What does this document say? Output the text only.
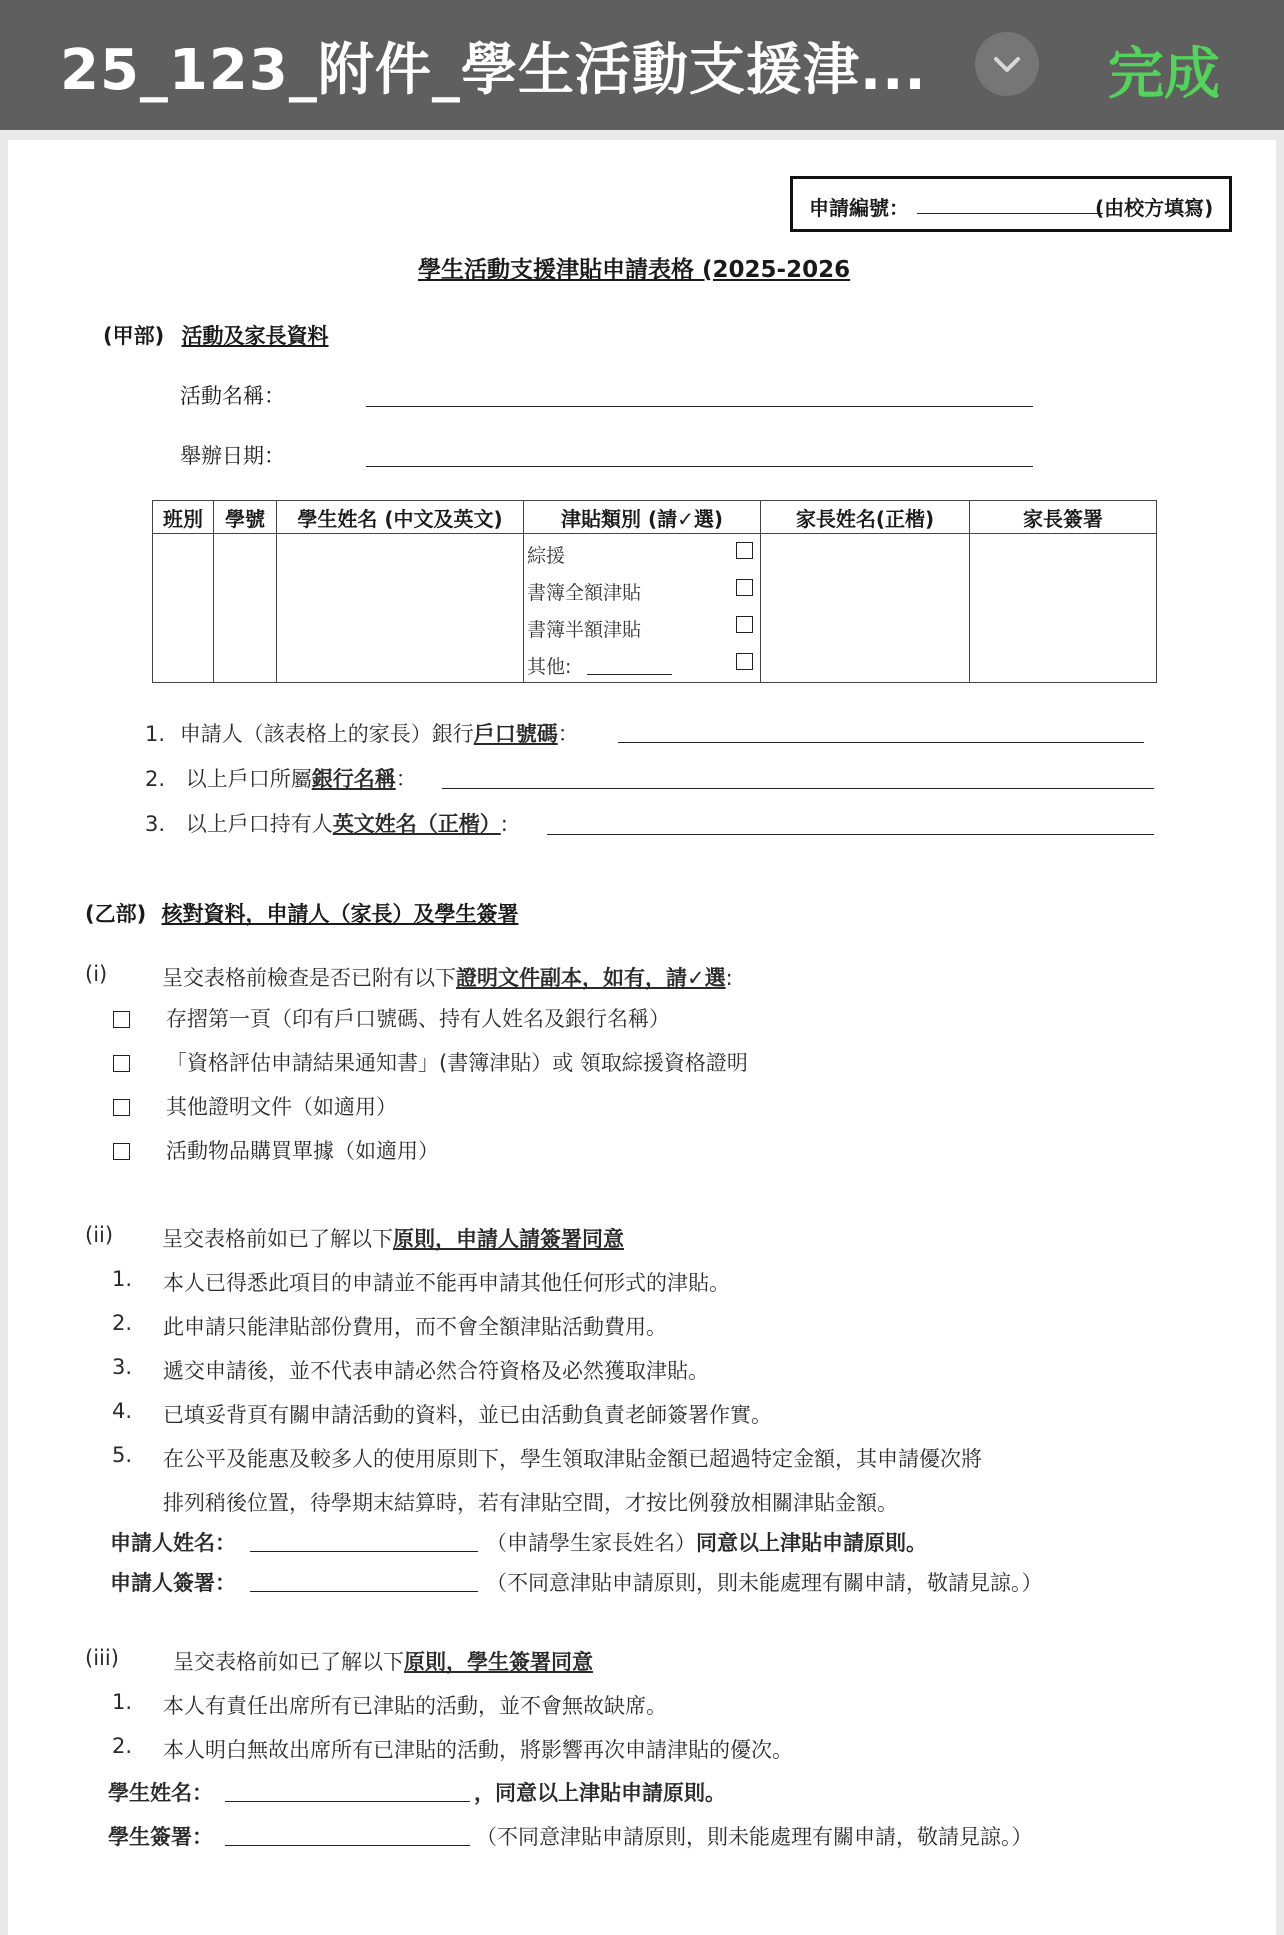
25_123_附件_學生活動支援津...	完成
申請編號：	(由校方填寫)
學生活動支援津貼申請表格 (2025-2026
(甲部) 活動及家長資料
活動名稱：
舉辦日期：
班別	學號	學生姓名 (中文及英文)	津貼類別 (請✓選)	家長姓名(正楷)	家長簽署

			綜援
書簿全額津貼
書簿半額津貼
其他:		

1. 申請人（該表格上的家長）銀行戶口號碼：
2. 以上戶口所屬銀行名稱：
3. 以上戶口持有人英文姓名（正楷）:
(乙部) 核對資料，申請人（家長）及學生簽署
(i)	呈交表格前檢查是否已附有以下證明文件副本，如有，請✓選:
存摺第一頁（印有戶口號碼、持有人姓名及銀行名稱）
「資格評估申請結果通知書」(書簿津貼）或 領取綜援資格證明
其他證明文件（如適用）
活動物品購買單據（如適用）
(ii) 呈交表格前如已了解以下原則，申請人請簽署同意
1. 本人已得悉此項目的申請並不能再申請其他任何形式的津貼。
2. 此申請只能津貼部份費用，而不會全額津貼活動費用。
3. 遞交申請後，並不代表申請必然合符資格及必然獲取津貼。
4. 已填妥背頁有關申請活動的資料，並已由活動負責老師簽署作實。
5. 在公平及能惠及較多人的使用原則下，學生領取津貼金額已超過特定金額，其申請優次將
排列稍後位置，待學期末結算時，若有津貼空間，才按比例發放相關津貼金額。
申請人姓名：	（申請學生家長姓名）同意以上津貼申請原則。
申請人簽署：	（不同意津貼申請原則，則未能處理有關申請，敬請見諒。）
(iii)	呈交表格前如已了解以下原則，學生簽署同意
1. 本人有責任出席所有已津貼的活動，並不會無故缺席。
2. 本人明白無故出席所有已津貼的活動，將影響再次申請津貼的優次。
學生姓名：	，同意以上津貼申請原則。
學生簽署：	（不同意津貼申請原則，則未能處理有關申請，敬請見諒。）
